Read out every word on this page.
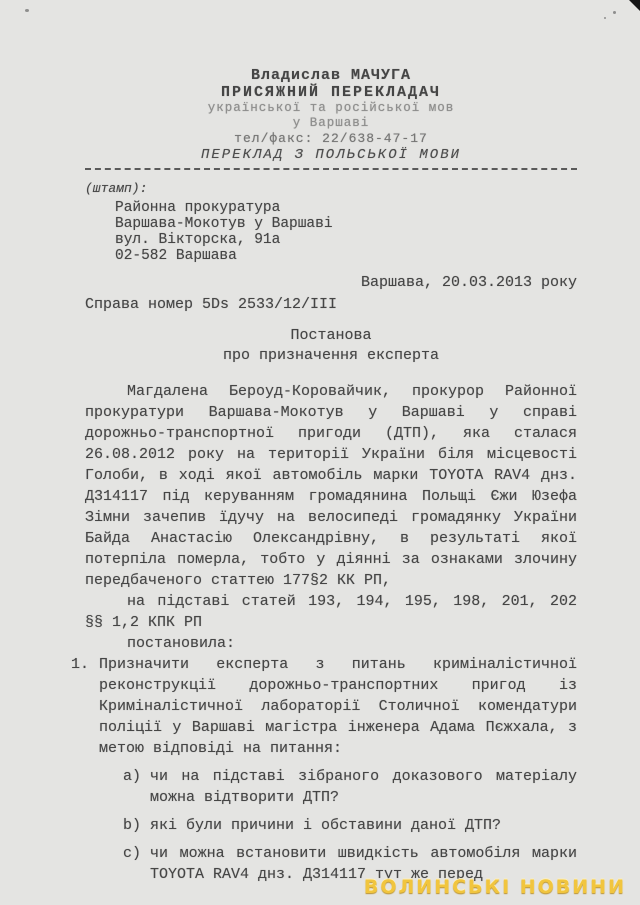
Владислав МАЧУГА
ПРИСЯЖНИЙ ПЕРЕКЛАДАЧ
української та російської мов
у Варшаві
тел/факс: 22/638-47-17
ПЕРЕКЛАД З ПОЛЬСЬКОЇ МОВИ
(штамп):
Районна прокуратура
Варшава-Мокотув у Варшаві
вул. Вікторска, 91а
02-582 Варшава
Варшава, 20.03.2013 року
Справа номер 5Ds 2533/12/III
Постанова
про призначення експерта
Магдалена Бероуд-Коровайчик, прокурор Районної прокуратури Варшава-Мокотув у Варшаві у справі дорожньо-транспортної пригоди (ДТП), яка сталася 26.08.2012 року на території України біля місцевості Голоби, в ході якої автомобіль марки TOYOTA RAV4 днз. Д314117 під керуванням громадянина Польщі Єжи Юзефа Зімни зачепив їдучу на велосипеді громадянку України Байда Анастасію Олександрівну, в результаті якої потерпіла померла, тобто у діянні за ознаками злочину передбаченого статтею 177§2 КК РП,
на підставі статей 193, 194, 195, 198, 201, 202 §§ 1,2 КПК РП
постановила:
1. Призначити експерта з питань криміналістичної реконструкції дорожньо-транспортних пригод із Криміналістичної лабораторії Столичної комендатури поліції у Варшаві магістра інженера Адама Пєжхала, з метою відповіді на питання:
a) чи на підставі зібраного доказового матеріалу можна відтворити ДТП?
b) які були причини і обставини даної ДТП?
c) чи можна встановити швидкість автомобіля марки TOYOTA RAV4 днз. Д314117 тут же перед
ВОЛИНСЬКІ НОВИНИ
